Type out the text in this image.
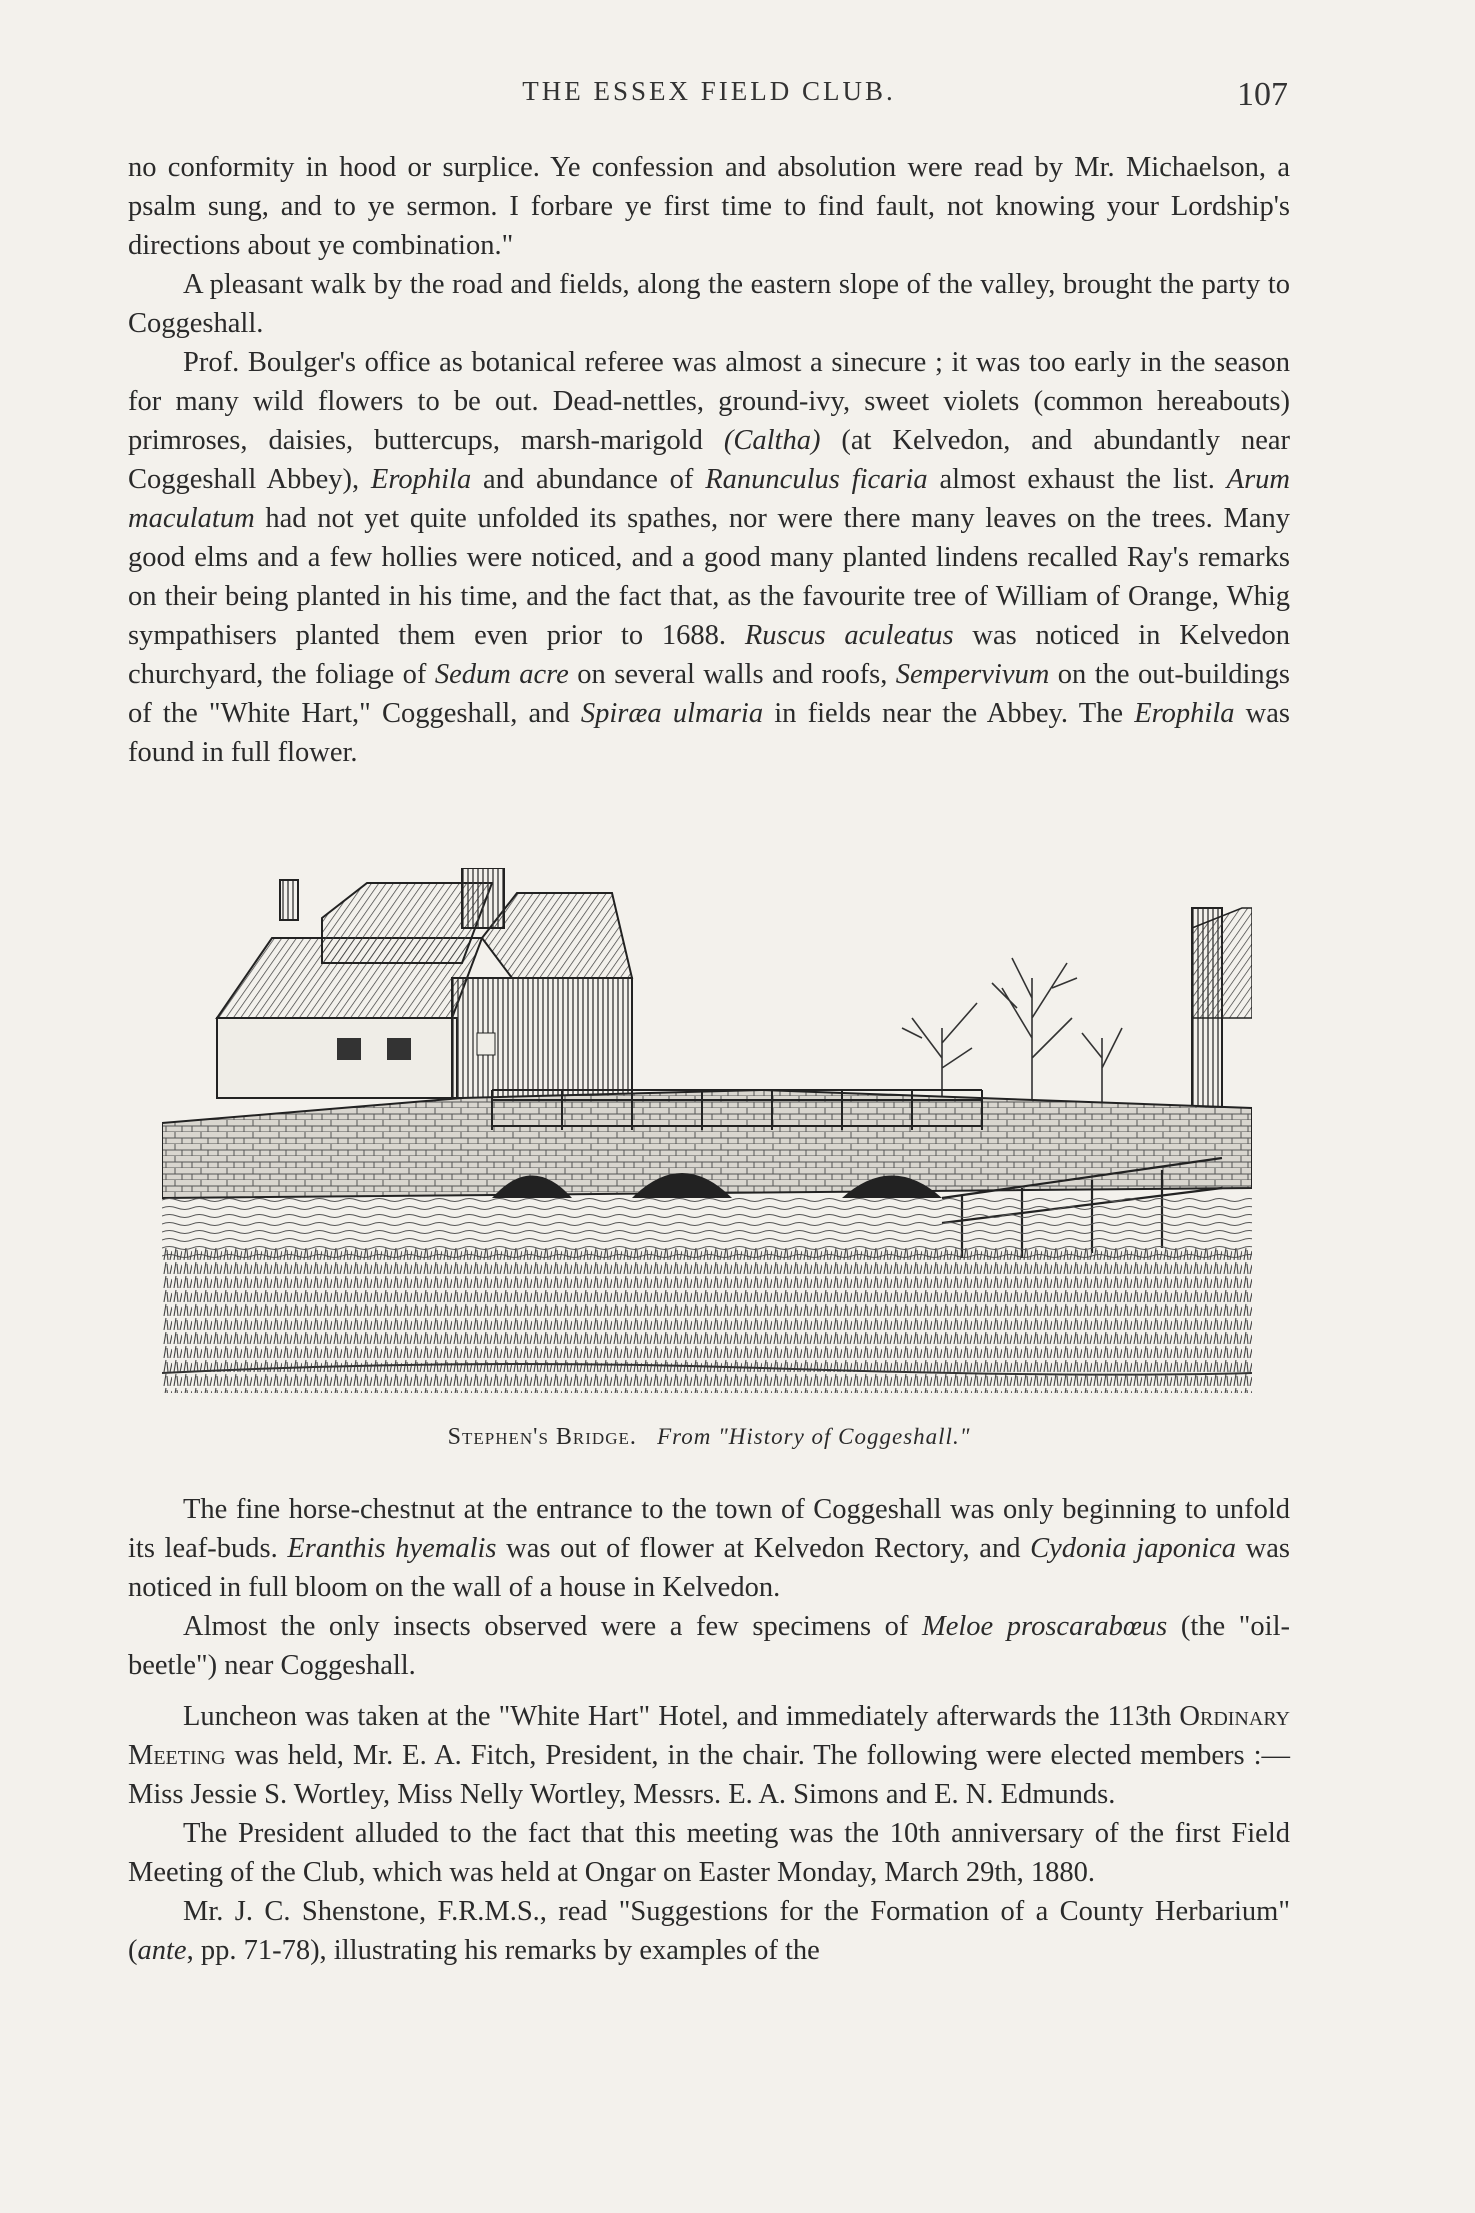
THE ESSEX FIELD CLUB.	107

no conformity in hood or surplice. Ye confession and absolution were read by Mr. Michaelson, a psalm sung, and to ye sermon. I forbare ye first time to find fault, not knowing your Lordship's directions about ye combination."

A pleasant walk by the road and fields, along the eastern slope of the valley, brought the party to Coggeshall.

Prof. Boulger's office as botanical referee was almost a sinecure ; it was too early in the season for many wild flowers to be out. Dead-nettles, ground-ivy, sweet violets (common hereabouts) primroses, daisies, buttercups, marsh-marigold (Caltha) (at Kelvedon, and abundantly near Coggeshall Abbey), Erophila and abundance of Ranunculus ficaria almost exhaust the list. Arum maculatum had not yet quite unfolded its spathes, nor were there many leaves on the trees. Many good elms and a few hollies were noticed, and a good many planted lindens recalled Ray's remarks on their being planted in his time, and the fact that, as the favourite tree of William of Orange, Whig sympathisers planted them even prior to 1688. Ruscus aculeatus was noticed in Kelvedon churchyard, the foliage of Sedum acre on several walls and roofs, Sempervivum on the out-buildings of the "White Hart," Coggeshall, and Spiræa ulmaria in fields near the Abbey. The Erophila was found in full flower.

Stephen's Bridge. From "History of Coggeshall."

The fine horse-chestnut at the entrance to the town of Coggeshall was only beginning to unfold its leaf-buds. Eranthis hyemalis was out of flower at Kelvedon Rectory, and Cydonia japonica was noticed in full bloom on the wall of a house in Kelvedon.

Almost the only insects observed were a few specimens of Meloe proscarabœus (the "oil-beetle") near Coggeshall.

Luncheon was taken at the "White Hart" Hotel, and immediately afterwards the 113th Ordinary Meeting was held, Mr. E. A. Fitch, President, in the chair. The following were elected members :—Miss Jessie S. Wortley, Miss Nelly Wortley, Messrs. E. A. Simons and E. N. Edmunds.

The President alluded to the fact that this meeting was the 10th anniversary of the first Field Meeting of the Club, which was held at Ongar on Easter Monday, March 29th, 1880.

Mr. J. C. Shenstone, F.R.M.S., read "Suggestions for the Formation of a County Herbarium" (ante, pp. 71-78), illustrating his remarks by examples of the
